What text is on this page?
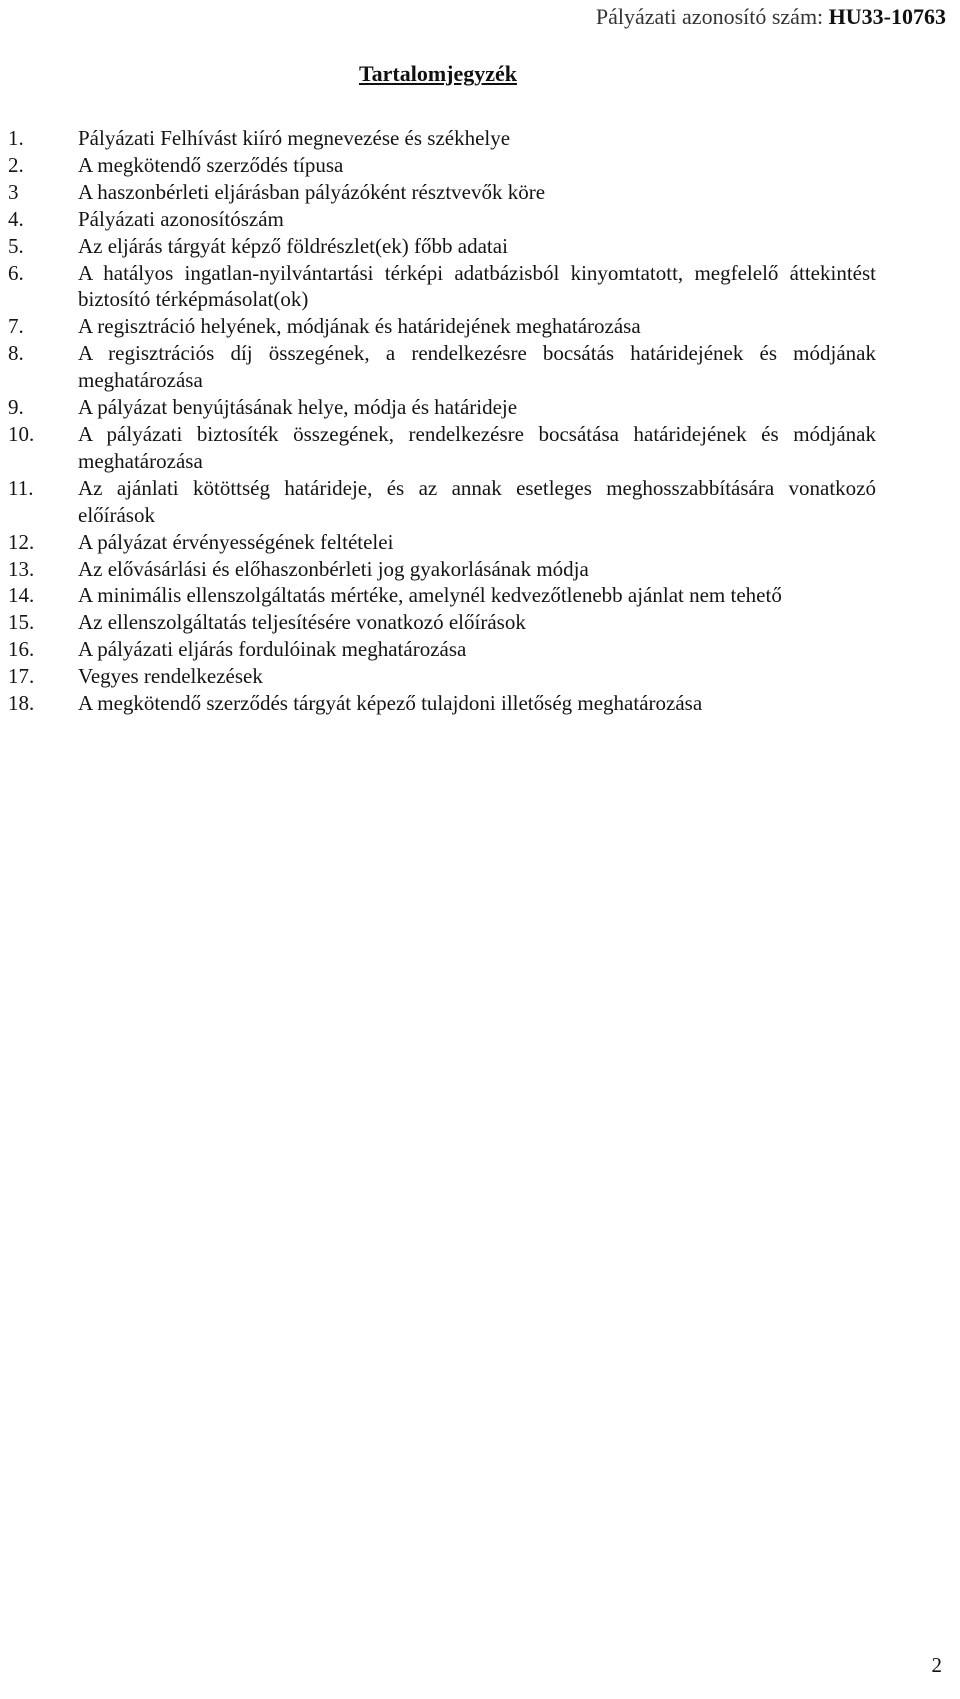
Pályázati azonosító szám: HU33-10763
Tartalomjegyzék
1.	Pályázati Felhívást kiíró megnevezése és székhelye
2.	A megkötendő szerződés típusa
3	A haszonbérleti eljárásban pályázóként résztvevők köre
4.	Pályázati azonosítószám
5.	Az eljárás tárgyát képző földrészlet(ek) főbb adatai
6.	A hatályos ingatlan-nyilvántartási térképi adatbázisból kinyomtatott, megfelelő áttekintést biztosító térképmásolat(ok)
7.	A regisztráció helyének, módjának és határidejének meghatározása
8.	A regisztrációs díj összegének, a rendelkezésre bocsátás határidejének és módjának meghatározása
9.	A pályázat benyújtásának helye, módja és határideje
10.	A pályázati biztosíték összegének, rendelkezésre bocsátása határidejének és módjának meghatározása
11.	Az ajánlati kötöttség határideje, és az annak esetleges meghosszabbítására vonatkozó előírások
12.	A pályázat érvényességének feltételei
13.	Az elővásárlási és előhaszonbérleti jog gyakorlásának módja
14.	A minimális ellenszolgáltatás mértéke, amelynél kedvezőtlenebb ajánlat nem tehető
15.	Az ellenszolgáltatás teljesítésére vonatkozó előírások
16.	A pályázati eljárás fordulóinak meghatározása
17.	Vegyes rendelkezések
18.	A megkötendő szerződés tárgyát képező tulajdoni illetőség meghatározása
2
